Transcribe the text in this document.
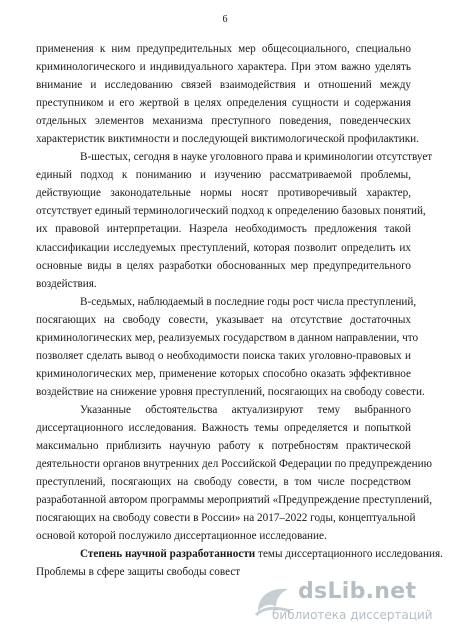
6
применения к ним предупредительных мер общесоциального, специально
криминологического и индивидуального характера. При этом важно уделять
внимание и исследованию связей взаимодействия и отношений между
преступником и его жертвой в целях определения сущности и содержания
отдельных элементов механизма преступного поведения, поведенческих
характеристик виктимности и последующей виктимологической профилактики.
В-шестых, сегодня в науке уголовного права и криминологии отсутствует
единый подход к пониманию и изучению рассматриваемой проблемы,
действующие законодательные нормы носят противоречивый характер,
отсутствует единый терминологический подход к определению базовых понятий,
их правовой интерпретации. Назрела необходимость предложения такой
классификации исследуемых преступлений, которая позволит определить их
основные виды в целях разработки обоснованных мер предупредительного
воздействия.
В-седьмых, наблюдаемый в последние годы рост числа преступлений,
посягающих на свободу совести, указывает на отсутствие достаточных
криминологических мер, реализуемых государством в данном направлении, что
позволяет сделать вывод о необходимости поиска таких уголовно-правовых и
криминологических мер, применение которых способно оказать эффективное
воздействие на снижение уровня преступлений, посягающих на свободу совести.
Указанные обстоятельства актуализируют тему выбранного
диссертационного исследования. Важность темы определяется и попыткой
максимально приблизить научную работу к потребностям практической
деятельности органов внутренних дел Российской Федерации по предупреждению
преступлений, посягающих на свободу совести, в том числе посредством
разработанной автором программы мероприятий «Предупреждение преступлений,
посягающих на свободу совести в России» на 2017–2022 годы, концептуальной
основой которой послужило диссертационное исследование.
Степень научной разработанности темы диссертационного исследования.
Проблемы в сфере защиты свободы совест
dsLib.net
библиотека диссертаций
